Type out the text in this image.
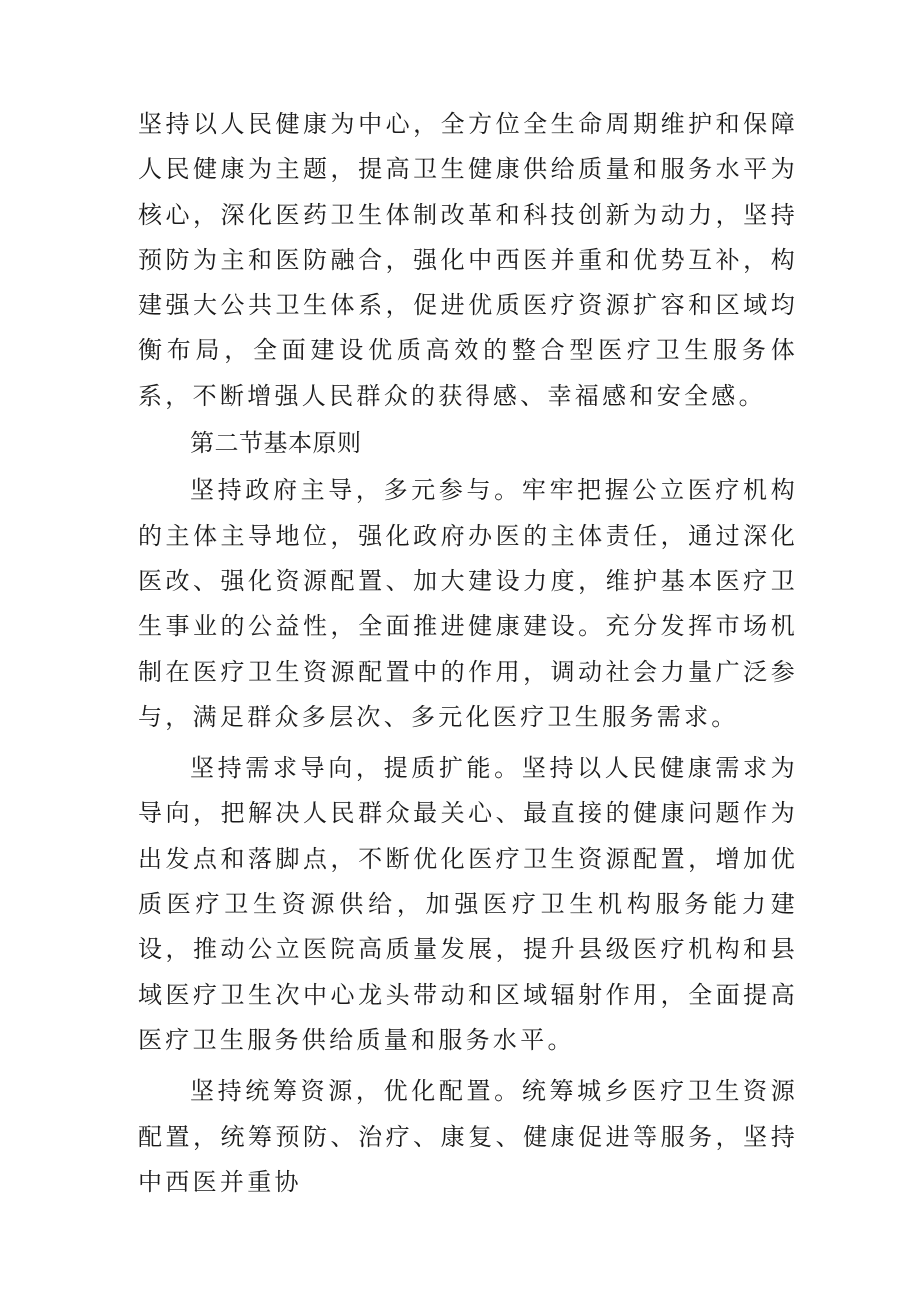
坚持以人民健康为中心，全方位全生命周期维护和保障人民健康为主题，提高卫生健康供给质量和服务水平为核心，深化医药卫生体制改革和科技创新为动力，坚持预防为主和医防融合，强化中西医并重和优势互补，构建强大公共卫生体系，促进优质医疗资源扩容和区域均衡布局，全面建设优质高效的整合型医疗卫生服务体系，不断增强人民群众的获得感、幸福感和安全感。

第二节基本原则

坚持政府主导，多元参与。牢牢把握公立医疗机构的主体主导地位，强化政府办医的主体责任，通过深化医改、强化资源配置、加大建设力度，维护基本医疗卫生事业的公益性，全面推进健康建设。充分发挥市场机制在医疗卫生资源配置中的作用，调动社会力量广泛参与，满足群众多层次、多元化医疗卫生服务需求。

坚持需求导向，提质扩能。坚持以人民健康需求为导向，把解决人民群众最关心、最直接的健康问题作为出发点和落脚点，不断优化医疗卫生资源配置，增加优质医疗卫生资源供给，加强医疗卫生机构服务能力建设，推动公立医院高质量发展，提升县级医疗机构和县域医疗卫生次中心龙头带动和区域辐射作用，全面提高医疗卫生服务供给质量和服务水平。

坚持统筹资源，优化配置。统筹城乡医疗卫生资源配置，统筹预防、治疗、康复、健康促进等服务，坚持中西医并重协
